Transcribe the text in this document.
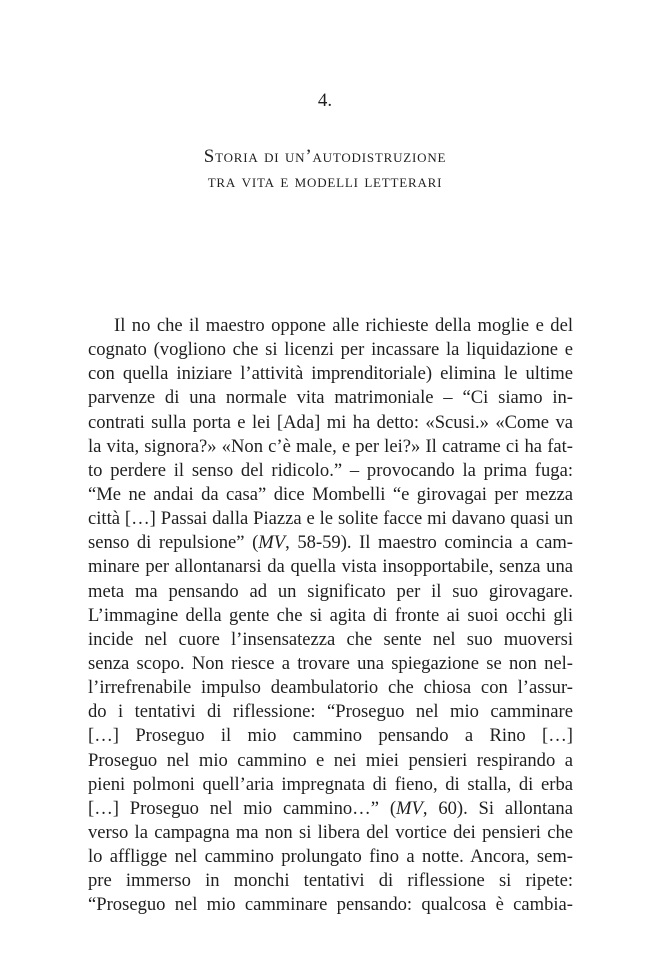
4.
Storia di un’autodistruzione
tra vita e modelli letterari
Il no che il maestro oppone alle richieste della moglie e del
cognato (vogliono che si licenzi per incassare la liquidazione e
con quella iniziare l’attività imprenditoriale) elimina le ultime
parvenze di una normale vita matrimoniale – “Ci siamo in-
contrati sulla porta e lei [Ada] mi ha detto: «Scusi.» «Come va
la vita, signora?» «Non c’è male, e per lei?» Il catrame ci ha fat-
to perdere il senso del ridicolo.” – provocando la prima fuga:
“Me ne andai da casa” dice Mombelli “e girovagai per mezza
città […] Passai dalla Piazza e le solite facce mi davano quasi un
senso di repulsione” (MV, 58-59). Il maestro comincia a cam-
minare per allontanarsi da quella vista insopportabile, senza una
meta ma pensando ad un significato per il suo girovagare.
L’immagine della gente che si agita di fronte ai suoi occhi gli
incide nel cuore l’insensatezza che sente nel suo muoversi
senza scopo. Non riesce a trovare una spiegazione se non nel-
l’irrefrenabile impulso deambulatorio che chiosa con l’assur-
do i tentativi di riflessione: “Proseguo nel mio camminare
[…] Proseguo il mio cammino pensando a Rino […]
Proseguo nel mio cammino e nei miei pensieri respirando a
pieni polmoni quell’aria impregnata di fieno, di stalla, di erba
[…] Proseguo nel mio cammino…” (MV, 60). Si allontana
verso la campagna ma non si libera del vortice dei pensieri che
lo affligge nel cammino prolungato fino a notte. Ancora, sem-
pre immerso in monchi tentativi di riflessione si ripete:
“Proseguo nel mio camminare pensando: qualcosa è cambia-
